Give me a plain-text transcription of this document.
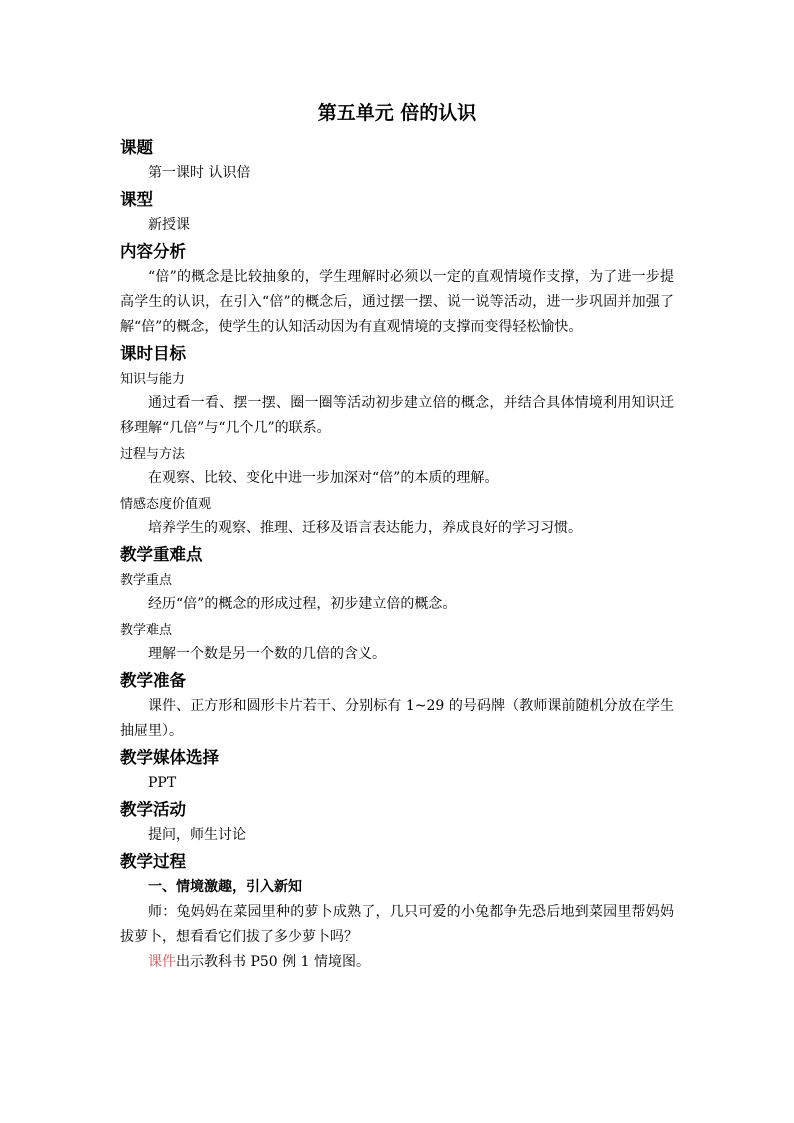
第五单元 倍的认识
课题

第一课时 认识倍

课型

新授课

内容分析

“倍”的概念是比较抽象的，学生理解时必须以一定的直观情境作支撑，为了进一步提高学生的认识，在引入“倍”的概念后，通过摆一摆、说一说等活动，进一步巩固并加强了解“倍”的概念，使学生的认知活动因为有直观情境的支撑而变得轻松愉快。

课时目标
知识与能力

通过看一看、摆一摆、圈一圈等活动初步建立倍的概念，并结合具体情境利用知识迁移理解“几倍”与“几个几”的联系。

过程与方法

在观察、比较、变化中进一步加深对“倍”的本质的理解。

情感态度价值观

培养学生的观察、推理、迁移及语言表达能力，养成良好的学习习惯。

教学重难点
教学重点

经历“倍”的概念的形成过程，初步建立倍的概念。

教学难点

理解一个数是另一个数的几倍的含义。

教学准备

课件、正方形和圆形卡片若干、分别标有 1~29 的号码牌（教师课前随机分放在学生抽屉里）。

教学媒体选择

PPT

教学活动

提问，师生讨论

教学过程

一、情境激趣，引入新知

师：兔妈妈在菜园里种的萝卜成熟了，几只可爱的小兔都争先恐后地到菜园里帮妈妈拔萝卜，想看看它们拔了多少萝卜吗？

课件出示教科书 P50 例 1 情境图。
